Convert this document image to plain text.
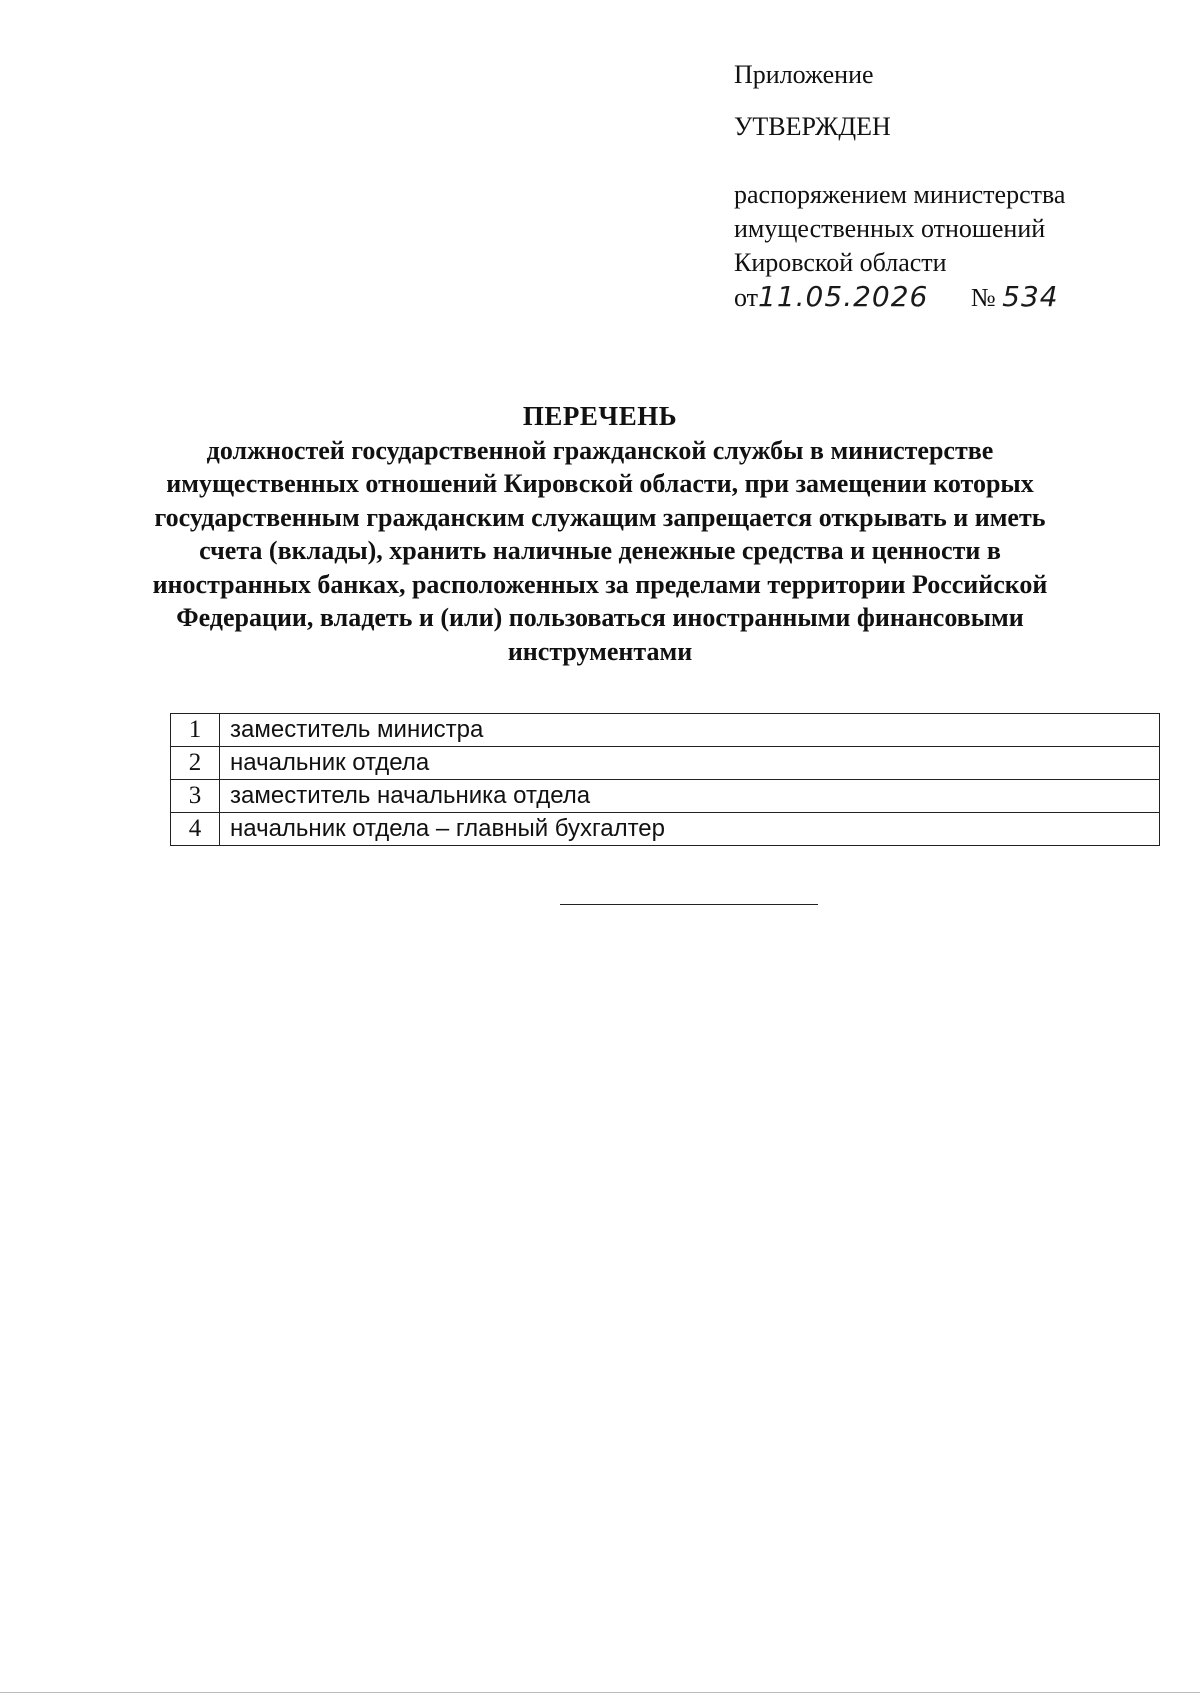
Приложение
УТВЕРЖДЕН
распоряжением министерства
имущественных отношений
Кировской области
от11.05.2026 № 534
ПЕРЕЧЕНЬ
должностей государственной гражданской службы в министерстве
имущественных отношений Кировской области, при замещении которых
государственным гражданским служащим запрещается открывать и иметь
счета (вклады), хранить наличные денежные средства и ценности в
иностранных банках, расположенных за пределами территории Российской
Федерации, владеть и (или) пользоваться иностранными финансовыми
инструментами
1	заместитель министра
2	начальник отдела
3	заместитель начальника отдела
4	начальник отдела – главный бухгалтер
